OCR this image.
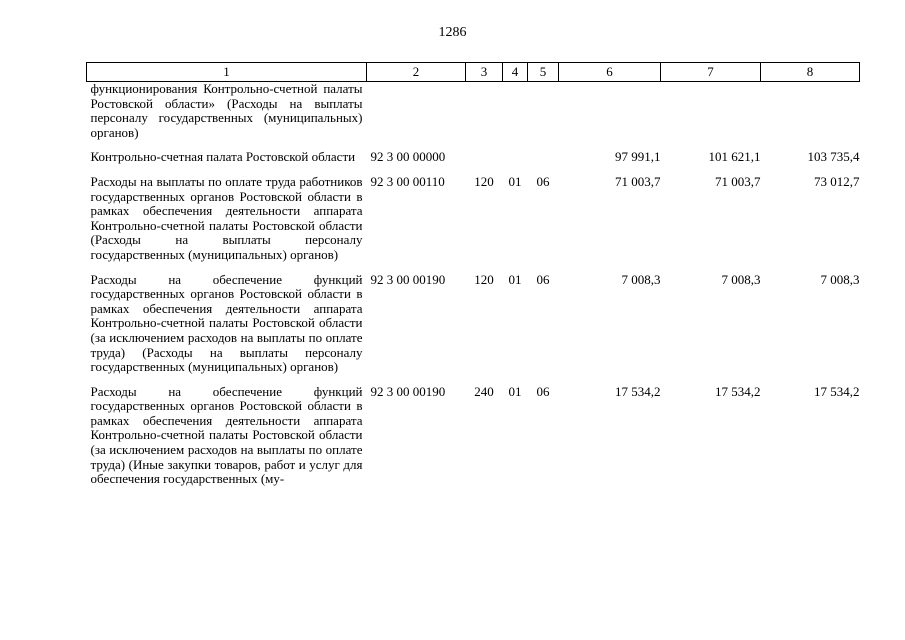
1286
1	2	3	4	5	6	7	8
функционирования Контрольно-счетной палаты Ростовской области» (Расходы на выплаты персоналу государственных (муниципальных) органов)							
Контрольно-счетная палата Ростовской области	92 3 00 00000				97 991,1	101 621,1	103 735,4
Расходы на выплаты по оплате труда работников государственных органов Ростовской области в рамках обеспечения деятельности аппарата Контрольно-счетной палаты Ростовской области (Расходы на выплаты персоналу государственных (муниципальных) органов)	92 3 00 00110	120	01	06	71 003,7	71 003,7	73 012,7
Расходы на обеспечение функций государственных органов Ростовской области в рамках обеспечения деятельности аппарата Контрольно-счетной палаты Ростовской области (за исключением расходов на выплаты по оплате труда) (Расходы на выплаты персоналу государственных (муниципальных) органов)	92 3 00 00190	120	01	06	7 008,3	7 008,3	7 008,3
Расходы на обеспечение функций государственных органов Ростовской области в рамках обеспечения деятельности аппарата Контрольно-счетной палаты Ростовской области (за исключением расходов на выплаты по оплате труда) (Иные закупки товаров, работ и услуг для обеспечения государственных (му-	92 3 00 00190	240	01	06	17 534,2	17 534,2	17 534,2
